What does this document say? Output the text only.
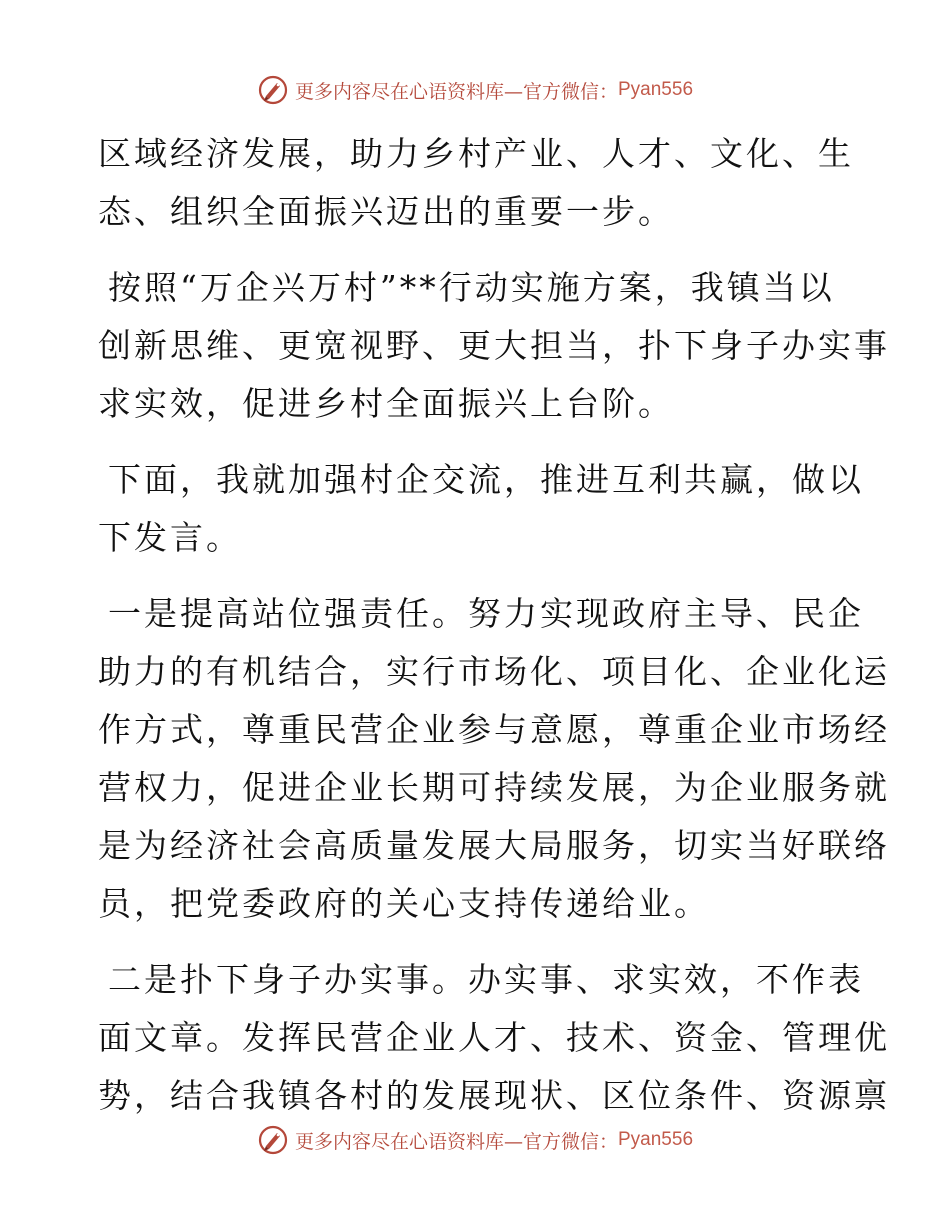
更多内容尽在心语资料库—官方微信： Pyan556

区域经济发展，助力乡村产业、人才、文化、生

态、组织全面振兴迈出的重要一步。

按照“万企兴万村”**行动实施方案，我镇当以

创新思维、更宽视野、更大担当，扑下身子办实事

求实效，促进乡村全面振兴上台阶。

下面，我就加强村企交流，推进互利共赢，做以

下发言。

一是提高站位强责任。努力实现政府主导、民企

助力的有机结合，实行市场化、项目化、企业化运

作方式，尊重民营企业参与意愿，尊重企业市场经

营权力，促进企业长期可持续发展，为企业服务就

是为经济社会高质量发展大局服务，切实当好联络

员，把党委政府的关心支持传递给业。

二是扑下身子办实事。办实事、求实效，不作表

面文章。发挥民营企业人才、技术、资金、管理优

势，结合我镇各村的发展现状、区位条件、资源禀

更多内容尽在心语资料库—官方微信： Pyan556
